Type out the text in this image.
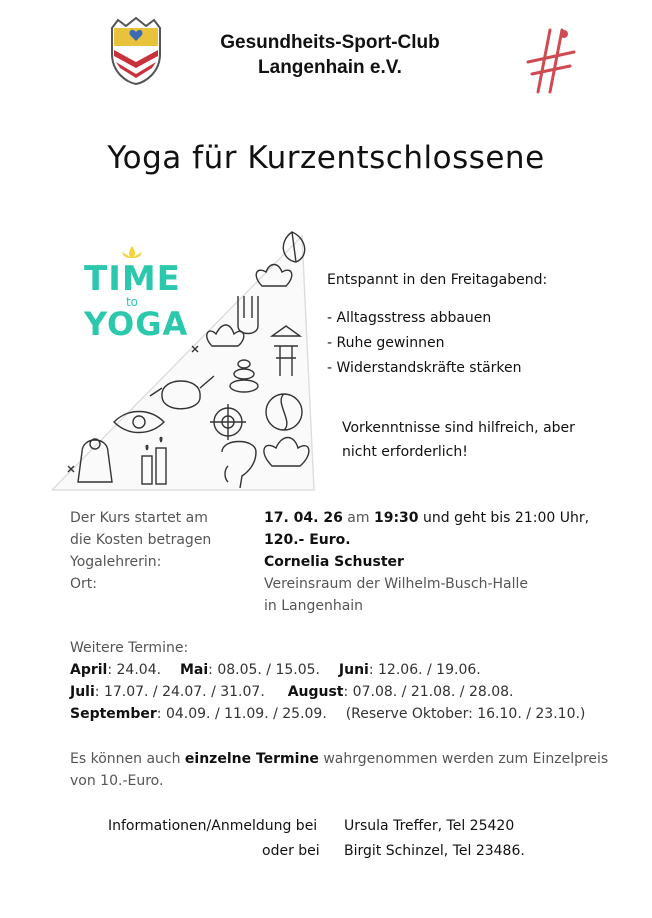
Gesundheits-Sport-Club
Langenhain e.V.
Yoga für Kurzentschlossene
TIME
to
YOGA
Entspannt in den Freitagabend:
- Alltagsstress abbauen
- Ruhe gewinnen
- Widerstandskräfte stärken
Vorkenntnisse sind hilfreich, aber
nicht erforderlich!
Der Kurs startet am	17. 04. 26 am 19:30 und geht bis 21:00 Uhr,
die Kosten betragen	120.- Euro.
Yogalehrerin:	Cornelia Schuster
Ort:	Vereinsraum der Wilhelm-Busch-Halle
in Langenhain
Weitere Termine:
April: 24.04. Mai: 08.05. / 15.05. Juni: 12.06. / 19.06.
Juli: 17.07. / 24.07. / 31.07. August: 07.08. / 21.08. / 28.08.
September: 04.09. / 11.09. / 25.09. (Reserve Oktober: 16.10. / 23.10.)
Es können auch einzelne Termine wahrgenommen werden zum Einzelpreis
von 10.-Euro.
Informationen/Anmeldung bei Ursula Treffer, Tel 25420
oder bei Birgit Schinzel, Tel 23486.
